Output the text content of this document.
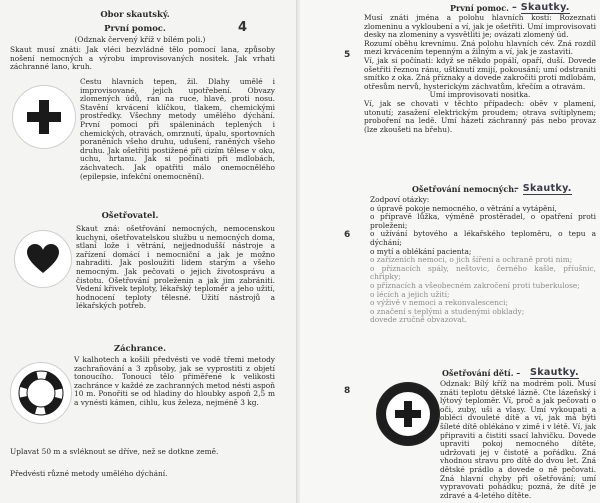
Obor skautský.
První pomoc.
(Odznak červený kříž v bílém poli.)

Skaut musí znáti: Jak vléci bezvládné tělo pomocí lana, způsoby nošení nemocných a výrobu improvisovaných nositek. Jak vrhati záchranné lano, kruh.

Cestu hlavních tepen, žil. Dlahy umělé i improvisované, jejich upotřebení. Obvazy zlomených údů, ran na ruce, hlavě, proti nosu. Stavění krvácení klíčkou, tlakem, chemickými prostředky. Všechny metody umělého dýchání. První pomoci při spáleninách teplených i chemických, otravách, omrznutí, úpalu, sportovních poraněních všeho druhu, udušení, raněných všeho druhu. Jak ošetřiti postižené při cizím tělese v oku, uchu, hrtanu. Jak si počínati při mdlobách, záchvatech. Jak opatřiti málo onemocnělého (epilepsie, infekční onemocnění).

Ošetřovatel.

Skaut zná: ošetřování nemocných, nemocenskou kuchyni, ošetřovatelskou službu u nemocných doma, stlaní lože i větrání, nejjednodušší nástroje a zařízení domácí i nemocniční a jak je možno nahraditi. Jak posloužiti lidem starým a všeho nemocným. Jak pečovati o jejich životosprávu a čistotu. Ošetřování proleženin a jak jim zabrániti. Vedení křivek teploty, lékařský teploměr a jeho užití, hodnocení teploty tělesné. Užití nástrojů a lékařských potřeb.

Záchrance.

V kalhotech a košili předvésti ve vodě třemi metody zachraňování a 3 způsoby, jak se vyprostiti z objetí tonoucího. Tonoucí tělo přiměřené k velikosti zachránce v každé ze zachranných metod nésti aspoň 10 m. Ponořiti se od hladiny do hloubky aspoň 2,5 m a vynésti kámen, cihlu, kus železa, nejméně 3 kg.

Uplavat 50 m a svléknout se dříve, než se dotkne země.

Předvésti různé metody umělého dýchání.

4
První pomoc. – Skautky.
5

Musí znáti jména a polohu hlavních kostí: Rozeznati zlomeninu a vykloubení a ví, jak je ošetřiti. Umí improvisovati desky na zlomeniny a vysvětliti je; ovázati zlomený úd.

Rozumí oběhu krevnímu. Zná polohu hlavních cév. Zná rozdíl mezi krvácením tepenným a žilným a ví, jak je zastaviti.

Ví, jak si počínati: když se někdo popálí, opaří, duší. Dovede ošetřiti řeznou ránu, uštknutí zmijí, pokousání; umí odstraniti smítko z oka. Zná příznaky a dovede zakročiti proti mdlobám, otřesům nervů, hysterickým záchvatům, křečím a otravám.

Umí improvisovati nositka.

Ví, jak se chovati v těchto případech: oběv v plameni, utonutí; zasažení elektrickým proudem; otrava svítiplynem; proboření na ledě. Umí házeti záchranný pás nebo provaz (lze zkoušeti na břehu).

Ošetřování nemocných.
– Skautky.
6

Zodpoví otázky:

o úpravě pokoje nemocného, o větrání a vytápění,

o přípravě lůžka, výměně prostěradel, o opatření proti proleženi;

o užívání bytového a lékařského teploměru, o tepu a dýchání;

o mytí a oblékání pacienta;

o zařízeních nemoci, o jich šíření a ochraně proti nim;

o příznacích spály, neštovic, černého kašle, příušnic, chřipky;

o příznacích a všeobecném zakročení proti tuberkulose;

o lécích a jejich užití;

o výživě v nemoci a rekonvalescenci;

o značení s teplými a studenými obklady;

dovede zručně obvazovat.

Ošetřování dětí. – Skautky.
8

Odznak: Bílý kříž na modrém poli. Musí znáti teplotu dětské lázně. Cte lázeňský i lýtový teploměr. Ví, proč a jak pečovati o oči, zuby, uši a vlasy. Umí vykoupati a obléci dvouleté dítě a ví, jak má býti šíleté dítě oblékáno v zimě i v létě. Ví, jak připraviti a čistiti ssací lahvičku. Dovede upraviti pokoj nemocného dítěte, udržovati jej v čistotě a pořádku. Zná vhodnou stravu pro dítě do dvou let. Zná dětské prádlo a dovede o ně pečovati. Zná hlavní chyby při ošetřování; umí vypravovati pohádku; pozná, že dítě je zdravé a 4-letého dítěte.
